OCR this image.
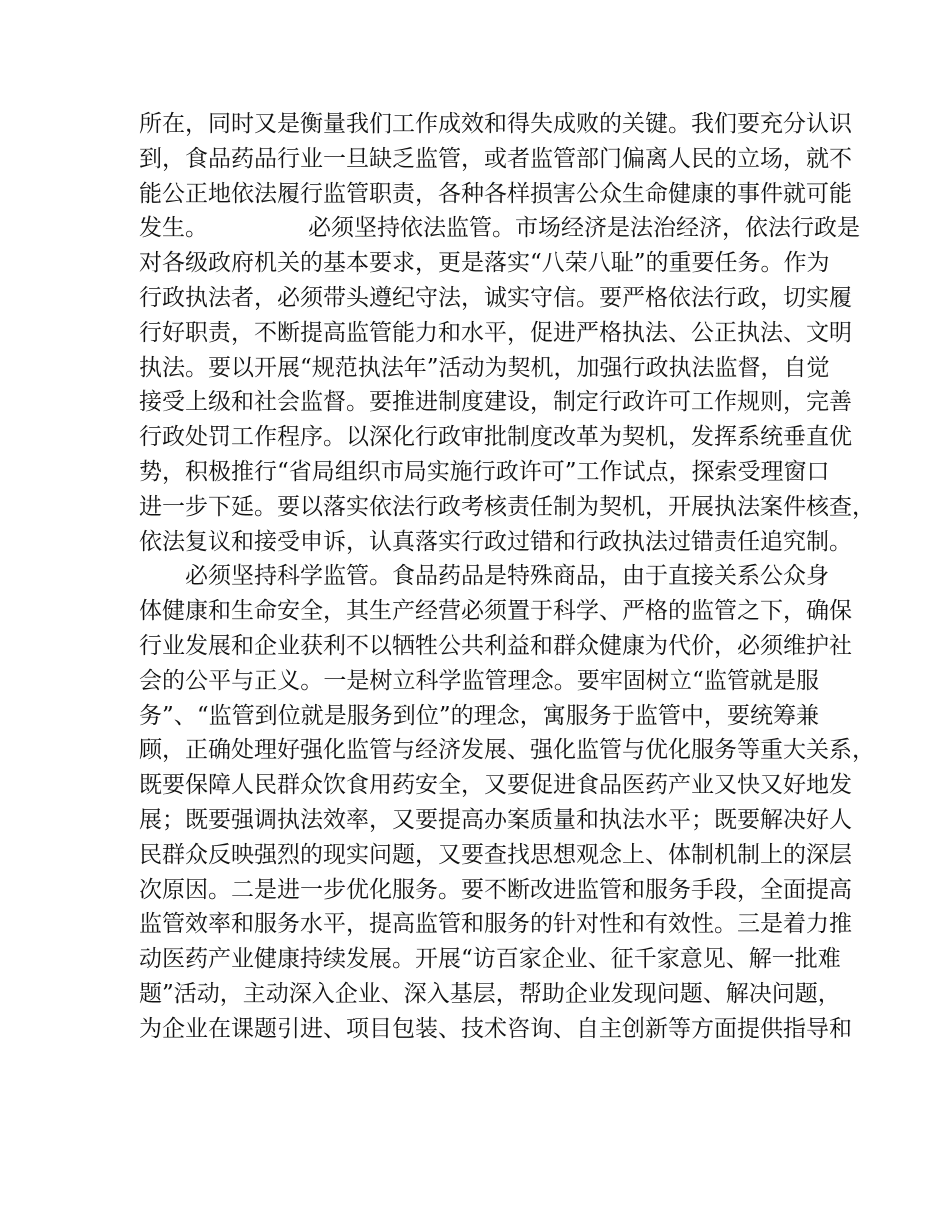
所在，同时又是衡量我们工作成效和得失成败的关键。我们要充分认识
到，食品药品行业一旦缺乏监管，或者监管部门偏离人民的立场，就不
能公正地依法履行监管职责，各种各样损害公众生命健康的事件就可能
发生。	必须坚持依法监管。市场经济是法治经济，依法行政是
对各级政府机关的基本要求，更是落实“八荣八耻”的重要任务。作为
行政执法者，必须带头遵纪守法，诚实守信。要严格依法行政，切实履
行好职责，不断提高监管能力和水平，促进严格执法、公正执法、文明
执法。要以开展“规范执法年”活动为契机，加强行政执法监督，自觉
接受上级和社会监督。要推进制度建设，制定行政许可工作规则，完善
行政处罚工作程序。以深化行政审批制度改革为契机，发挥系统垂直优
势，积极推行“省局组织市局实施行政许可”工作试点，探索受理窗口
进一步下延。要以落实依法行政考核责任制为契机，开展执法案件核查，
依法复议和接受申诉，认真落实行政过错和行政执法过错责任追究制。
必须坚持科学监管。食品药品是特殊商品，由于直接关系公众身
体健康和生命安全，其生产经营必须置于科学、严格的监管之下，确保
行业发展和企业获利不以牺牲公共利益和群众健康为代价，必须维护社
会的公平与正义。一是树立科学监管理念。要牢固树立“监管就是服
务”、“监管到位就是服务到位”的理念，寓服务于监管中，要统筹兼
顾，正确处理好强化监管与经济发展、强化监管与优化服务等重大关系，
既要保障人民群众饮食用药安全，又要促进食品医药产业又快又好地发
展；既要强调执法效率，又要提高办案质量和执法水平；既要解决好人
民群众反映强烈的现实问题，又要查找思想观念上、体制机制上的深层
次原因。二是进一步优化服务。要不断改进监管和服务手段，全面提高
监管效率和服务水平，提高监管和服务的针对性和有效性。三是着力推
动医药产业健康持续发展。开展“访百家企业、征千家意见、解一批难
题”活动，主动深入企业、深入基层，帮助企业发现问题、解决问题，
为企业在课题引进、项目包装、技术咨询、自主创新等方面提供指导和
